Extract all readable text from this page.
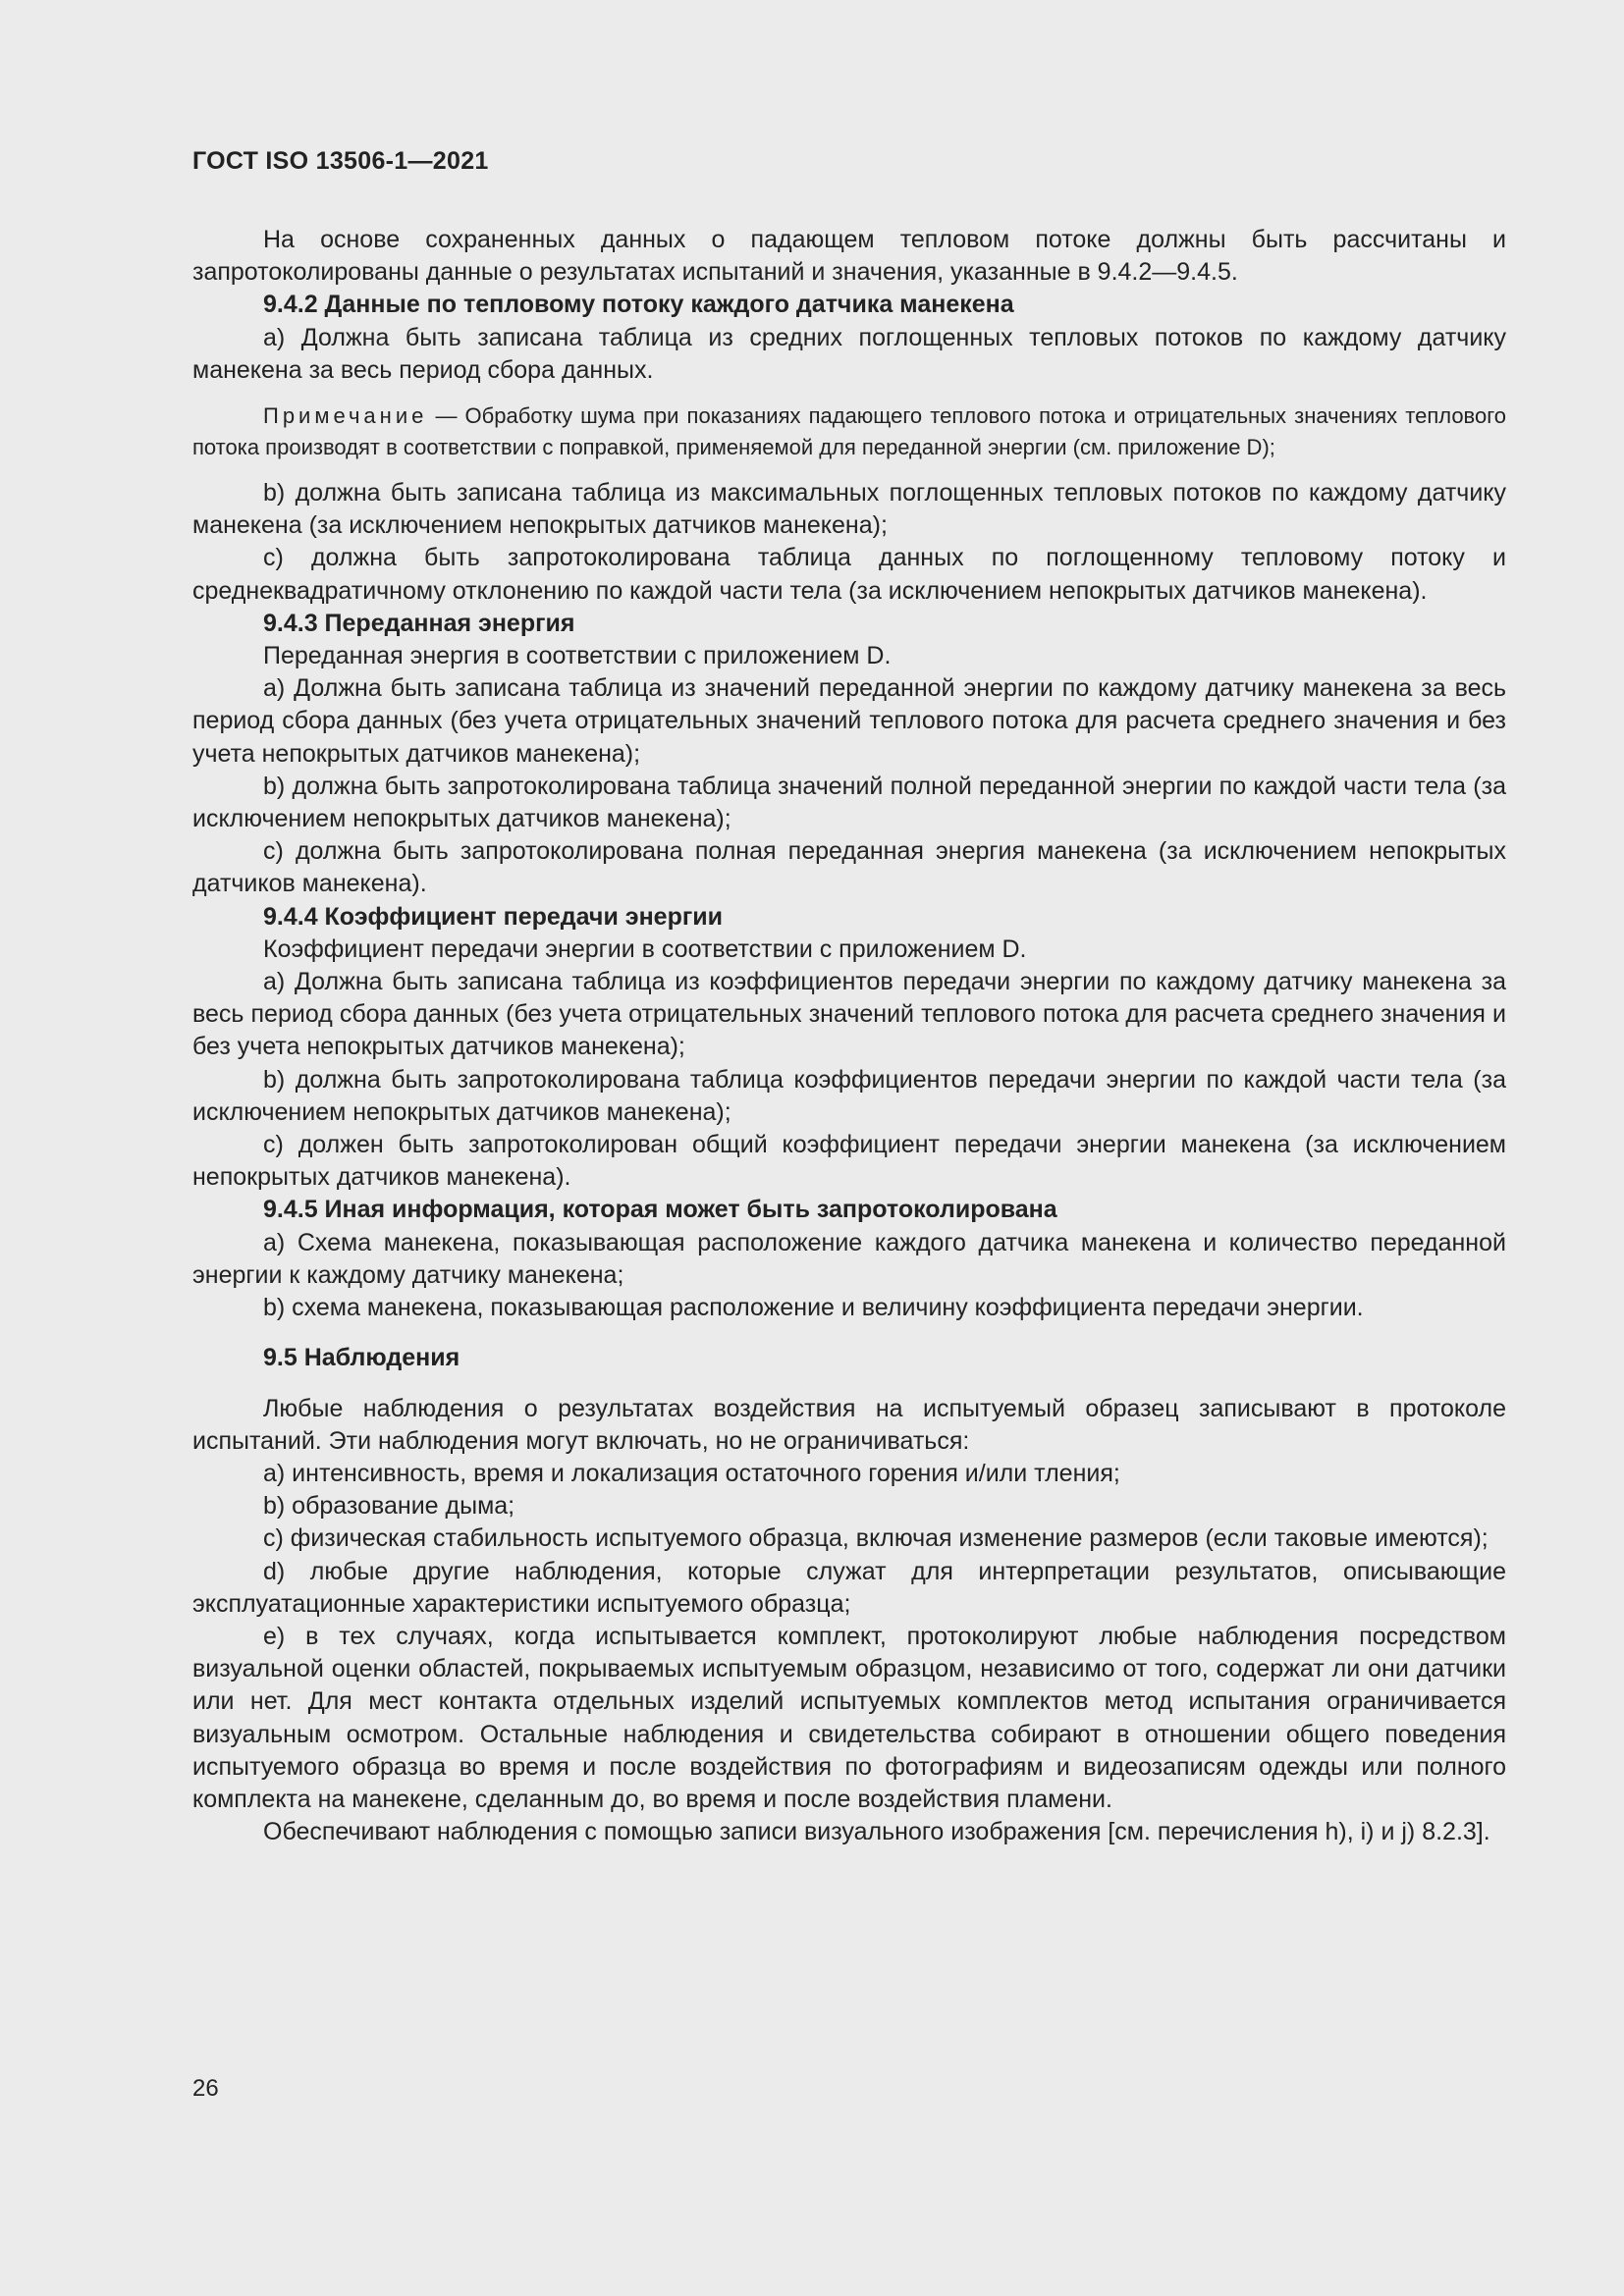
ГОСТ ISO 13506-1—2021

На основе сохраненных данных о падающем тепловом потоке должны быть рассчитаны и запротоколированы данные о результатах испытаний и значения, указанные в 9.4.2—9.4.5.

9.4.2 Данные по тепловому потоку каждого датчика манекена

a) Должна быть записана таблица из средних поглощенных тепловых потоков по каждому датчику манекена за весь период сбора данных.

Примечание — Обработку шума при показаниях падающего теплового потока и отрицательных значениях теплового потока производят в соответствии с поправкой, применяемой для переданной энергии (см. приложение D);

b) должна быть записана таблица из максимальных поглощенных тепловых потоков по каждому датчику манекена (за исключением непокрытых датчиков манекена);

c) должна быть запротоколирована таблица данных по поглощенному тепловому потоку и среднеквадратичному отклонению по каждой части тела (за исключением непокрытых датчиков манекена).

9.4.3 Переданная энергия

Переданная энергия в соответствии с приложением D.

a) Должна быть записана таблица из значений переданной энергии по каждому датчику манекена за весь период сбора данных (без учета отрицательных значений теплового потока для расчета среднего значения и без учета непокрытых датчиков манекена);

b) должна быть запротоколирована таблица значений полной переданной энергии по каждой части тела (за исключением непокрытых датчиков манекена);

c) должна быть запротоколирована полная переданная энергия манекена (за исключением непокрытых датчиков манекена).

9.4.4 Коэффициент передачи энергии

Коэффициент передачи энергии в соответствии с приложением D.

a) Должна быть записана таблица из коэффициентов передачи энергии по каждому датчику манекена за весь период сбора данных (без учета отрицательных значений теплового потока для расчета среднего значения и без учета непокрытых датчиков манекена);

b) должна быть запротоколирована таблица коэффициентов передачи энергии по каждой части тела (за исключением непокрытых датчиков манекена);

c) должен быть запротоколирован общий коэффициент передачи энергии манекена (за исключением непокрытых датчиков манекена).

9.4.5 Иная информация, которая может быть запротоколирована

a) Схема манекена, показывающая расположение каждого датчика манекена и количество переданной энергии к каждому датчику манекена;

b) схема манекена, показывающая расположение и величину коэффициента передачи энергии.

9.5 Наблюдения

Любые наблюдения о результатах воздействия на испытуемый образец записывают в протоколе испытаний. Эти наблюдения могут включать, но не ограничиваться:

a) интенсивность, время и локализация остаточного горения и/или тления;

b) образование дыма;

c) физическая стабильность испытуемого образца, включая изменение размеров (если таковые имеются);

d) любые другие наблюдения, которые служат для интерпретации результатов, описывающие эксплуатационные характеристики испытуемого образца;

e) в тех случаях, когда испытывается комплект, протоколируют любые наблюдения посредством визуальной оценки областей, покрываемых испытуемым образцом, независимо от того, содержат ли они датчики или нет. Для мест контакта отдельных изделий испытуемых комплектов метод испытания ограничивается визуальным осмотром. Остальные наблюдения и свидетельства собирают в отношении общего поведения испытуемого образца во время и после воздействия по фотографиям и видеозаписям одежды или полного комплекта на манекене, сделанным до, во время и после воздействия пламени.

Обеспечивают наблюдения с помощью записи визуального изображения [см. перечисления h), i) и j) 8.2.3].

26
